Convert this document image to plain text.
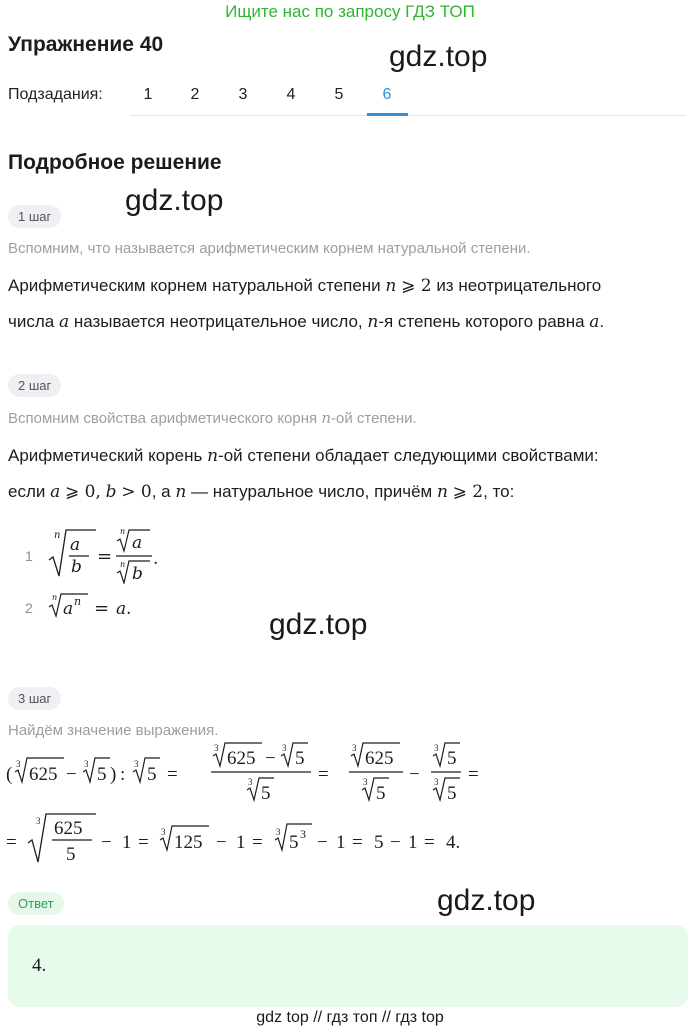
Ищите нас по запросу ГДЗ ТОП
Упражнение 40	gdz.top
Подзадания:	1	2	3	4	5	6
Подробное решение
gdz.top
1 шаг
Вспомним, что называется арифметическим корнем натуральной степени.
Арифметическим корнем натуральной степени n ⩾ 2 из неотрицательного
числа a называется неотрицательное число, n-я степень которого равна a.
2 шаг
Вспомним свойства арифметического корня n-ой степени.
Арифметический корень n-ой степени обладает следующими свойствами:
если a ⩾ 0, b > 0, а n — натуральное число, причём n ⩾ 2, то:
1
n a
b =
n
a
n b
.
2
n
a n = a .	gdz.top
3 шаг
Найдём значение выражения.
( 3 625 − 3 5 ) : 3 5 =
3 625 − 3 5
3
5
=
3 625
3
5
−
3 5
3
5
=
=
3 625
5
− 1 = 3 125 − 1 = 3 5 3 − 1 = 5 − 1 = 4.
gdz.top
Ответ
4.
gdz top // гдз топ // гдз top
